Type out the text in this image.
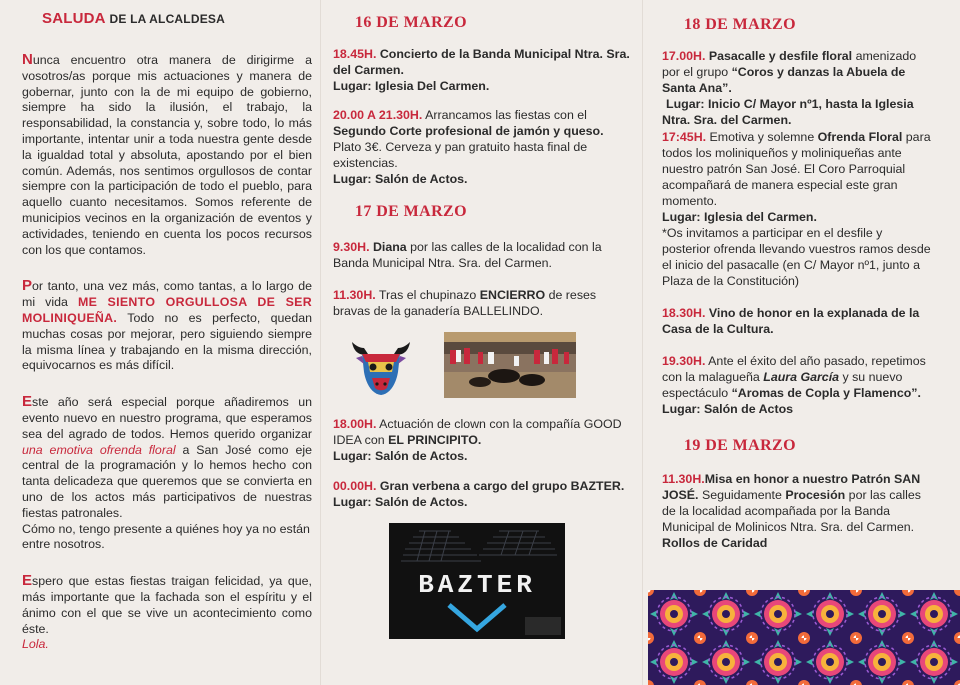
SALUDA DE LA ALCALDESA

Nunca encuentro otra manera de dirigirme a vosotros/as porque mis actuaciones y manera de gobernar, junto con la de mi equipo de gobierno, siempre ha sido la ilusión, el trabajo, la responsabilidad, la constancia y, sobre todo, lo más importante, intentar unir a toda nuestra gente desde la igualdad total y absoluta, apostando por el bien común. Además, nos sentimos orgullosos de contar siempre con la participación de todo el pueblo, para aquello cuanto necesitamos. Somos referente de municipios vecinos en la organización de eventos y actividades, teniendo en cuenta los pocos recursos con los que contamos.

Por tanto, una vez más, como tantas, a lo largo de mi vida ME SIENTO ORGULLOSA DE SER MOLINIQUEÑA. Todo no es perfecto, quedan muchas cosas por mejorar, pero siguiendo siempre la misma línea y trabajando en la misma dirección, equivocarnos es más difícil.

Este año será especial porque añadiremos un evento nuevo en nuestro programa, que esperamos sea del agrado de todos. Hemos querido organizar una emotiva ofrenda floral a San José como eje central de la programación y lo hemos hecho con tanta delicadeza que queremos que se convierta en uno de los actos más participativos de nuestras fiestas patronales.

Cómo no, tengo presente a quiénes hoy ya no están entre nosotros.

Espero que estas fiestas traigan felicidad, ya que, más importante que la fachada son el espíritu y el ánimo con el que se vive un acontecimiento como éste.

Lola.

16 DE MARZO
18.45H. Concierto de la Banda Municipal Ntra. Sra. del Carmen.
Lugar: Iglesia Del Carmen.
20.00 A 21.30H. Arrancamos las fiestas con el Segundo Corte profesional de jamón y queso.
Plato 3€. Cerveza y pan gratuito hasta final de existencias.
Lugar: Salón de Actos.
17 DE MARZO
9.30H. Diana por las calles de la localidad con la Banda Municipal Ntra. Sra. del Carmen.
11.30H. Tras el chupinazo ENCIERRO de reses bravas de la ganadería BALLELINDO.
18.00H. Actuación de clown con la compañía GOOD IDEA con EL PRINCIPITO.
Lugar: Salón de Actos.
00.00H. Gran verbena a cargo del grupo BAZTER.
Lugar: Salón de Actos.
BAZTER
18 DE MARZO
17.00H. Pasacalle y desfile floral amenizado por el grupo “Coros y danzas la Abuela de Santa Ana”.
Lugar: Inicio C/ Mayor nº1, hasta la Iglesia Ntra. Sra. del Carmen.
17:45H. Emotiva y solemne Ofrenda Floral para todos los moliniqueños y moliniqueñas ante nuestro patrón San José. El Coro Parroquial acompañará de manera especial este gran momento.
Lugar: Iglesia del Carmen.
*Os invitamos a participar en el desfile y posterior ofrenda llevando vuestros ramos desde el inicio del pasacalle (en C/ Mayor nº1, junto a Plaza de la Constitución)
18.30H. Vino de honor en la explanada de la Casa de la Cultura.
19.30H. Ante el éxito del año pasado, repetimos con la malagueña Laura García y su nuevo espectáculo “Aromas de Copla y Flamenco”.
Lugar: Salón de Actos
19 DE MARZO
11.30H.Misa en honor a nuestro Patrón SAN JOSÉ. Seguidamente Procesión por las calles de la localidad acompañada por la Banda Municipal de Molinicos Ntra. Sra. del Carmen.
Rollos de Caridad
